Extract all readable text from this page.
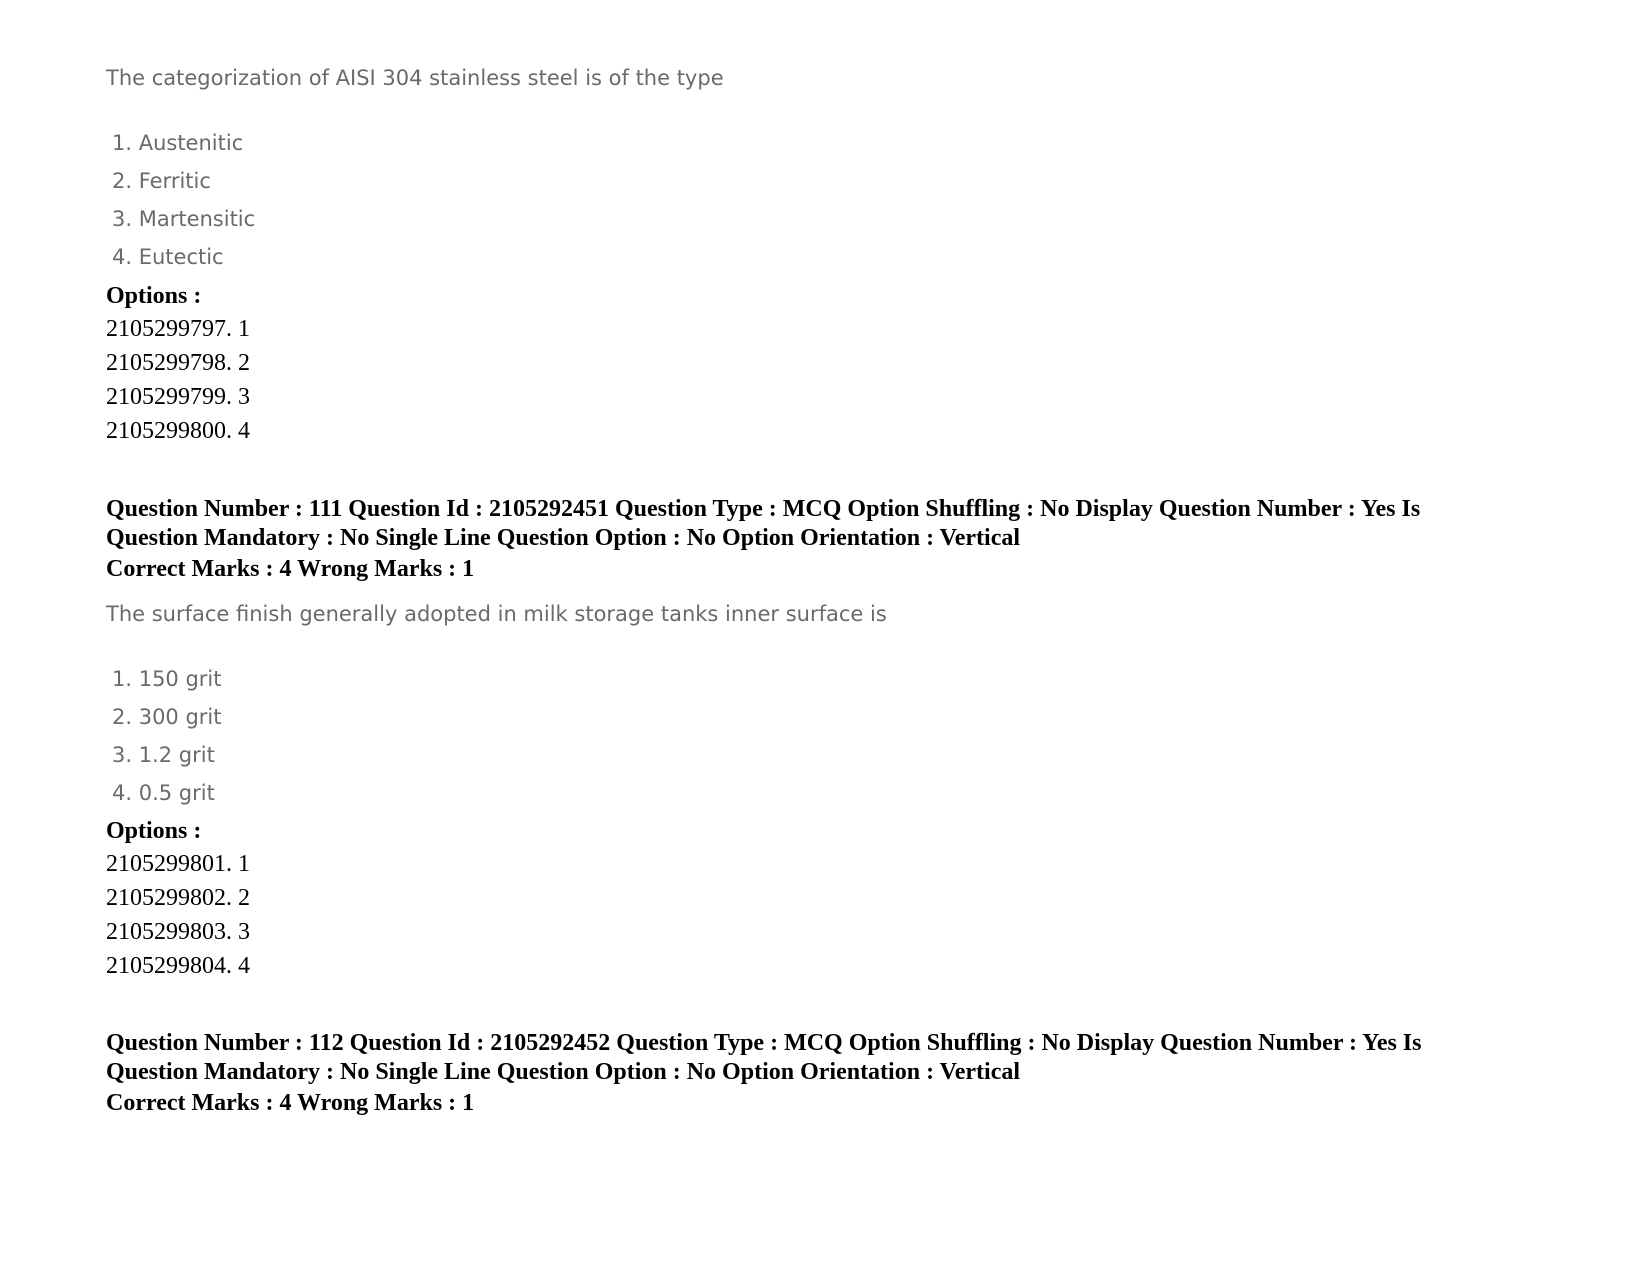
The categorization of AISI 304 stainless steel is of the type

1. Austenitic
2. Ferritic
3. Martensitic
4. Eutectic

Options :

2105299797. 1
2105299798. 2
2105299799. 3
2105299800. 4

Question Number : 111 Question Id : 2105292451 Question Type : MCQ Option Shuffling : No Display Question Number : Yes Is Question Mandatory : No Single Line Question Option : No Option Orientation : Vertical

Correct Marks : 4 Wrong Marks : 1

The surface finish generally adopted in milk storage tanks inner surface is

1. 150 grit
2. 300 grit
3. 1.2 grit
4. 0.5 grit

Options :

2105299801. 1
2105299802. 2
2105299803. 3
2105299804. 4

Question Number : 112 Question Id : 2105292452 Question Type : MCQ Option Shuffling : No Display Question Number : Yes Is Question Mandatory : No Single Line Question Option : No Option Orientation : Vertical

Correct Marks : 4 Wrong Marks : 1
